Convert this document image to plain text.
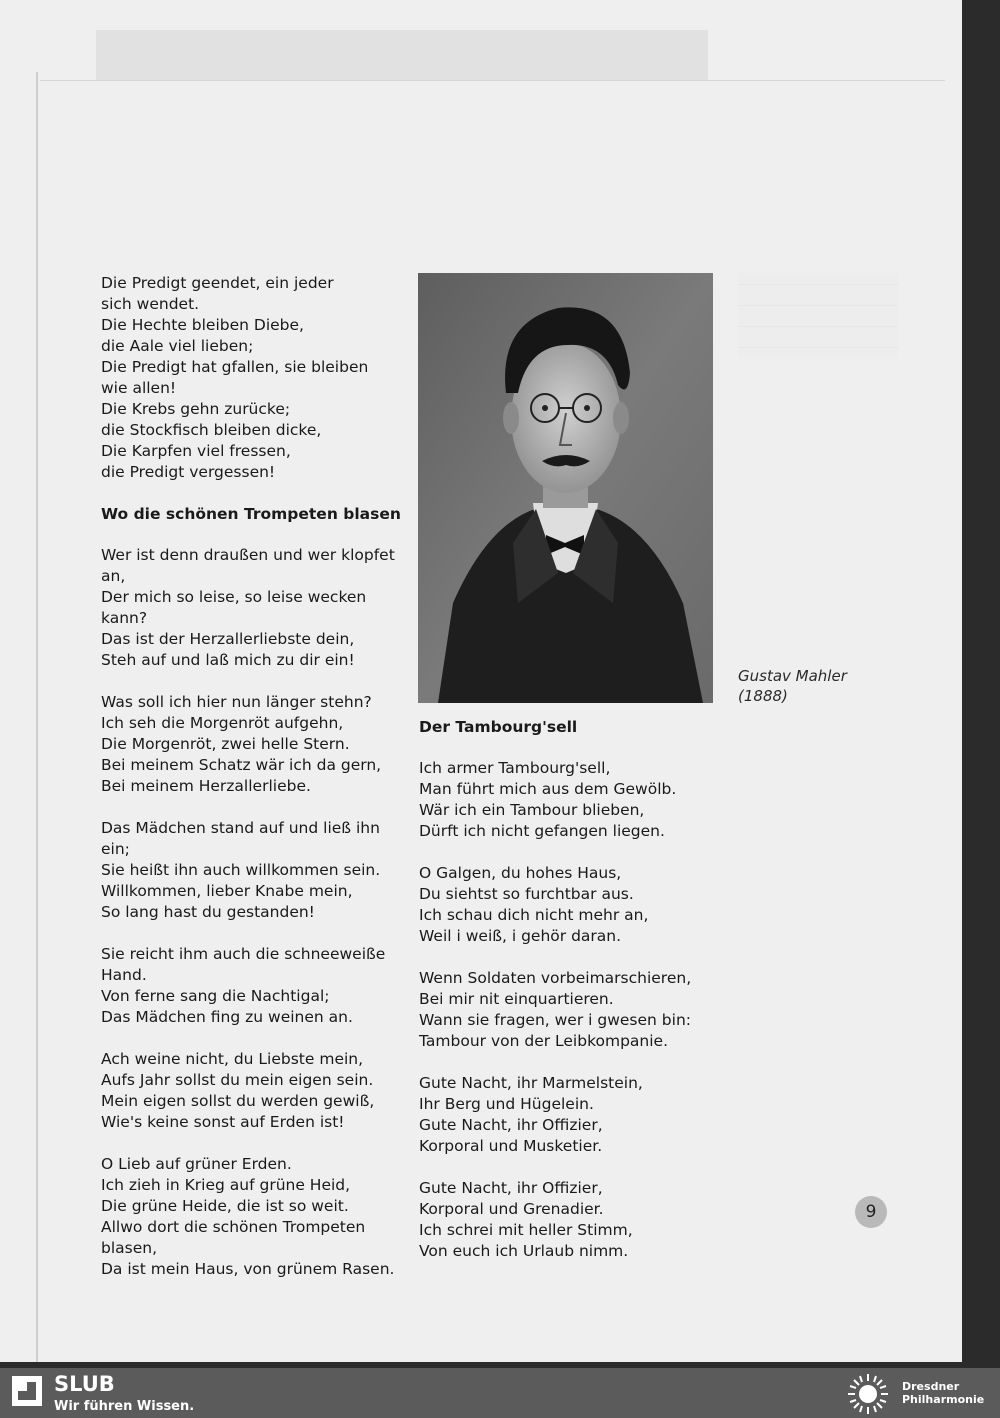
Die Predigt geendet, ein jeder
sich wendet.
Die Hechte bleiben Diebe,
die Aale viel lieben;
Die Predigt hat gfallen, sie bleiben
wie allen!
Die Krebs gehn zurücke;
die Stockfisch bleiben dicke,
Die Karpfen viel fressen,
die Predigt vergessen!

Wo die schönen Trompeten blasen

Wer ist denn draußen und wer klopfet an,
Der mich so leise, so leise wecken
kann?
Das ist der Herzallerliebste dein,
Steh auf und laß mich zu dir ein!

Was soll ich hier nun länger stehn?
Ich seh die Morgenröt aufgehn,
Die Morgenröt, zwei helle Stern.
Bei meinem Schatz wär ich da gern,
Bei meinem Herzallerliebe.

Das Mädchen stand auf und ließ ihn ein;
Sie heißt ihn auch willkommen sein.
Willkommen, lieber Knabe mein,
So lang hast du gestanden!

Sie reicht ihm auch die schneeweiße
Hand.
Von ferne sang die Nachtigal;
Das Mädchen fing zu weinen an.

Ach weine nicht, du Liebste mein,
Aufs Jahr sollst du mein eigen sein.
Mein eigen sollst du werden gewiß,
Wie's keine sonst auf Erden ist!

O Lieb auf grüner Erden.
Ich zieh in Krieg auf grüne Heid,
Die grüne Heide, die ist so weit.
Allwo dort die schönen Trompeten
blasen,
Da ist mein Haus, von grünem Rasen.

Gustav Mahler
(1888)
Der Tambourg'sell

Ich armer Tambourg'sell,
Man führt mich aus dem Gewölb.
Wär ich ein Tambour blieben,
Dürft ich nicht gefangen liegen.

O Galgen, du hohes Haus,
Du siehtst so furchtbar aus.
Ich schau dich nicht mehr an,
Weil i weiß, i gehör daran.

Wenn Soldaten vorbeimarschieren,
Bei mir nit einquartieren.
Wann sie fragen, wer i gwesen bin:
Tambour von der Leibkompanie.

Gute Nacht, ihr Marmelstein,
Ihr Berg und Hügelein.
Gute Nacht, ihr Offizier,
Korporal und Musketier.

Gute Nacht, ihr Offizier,
Korporal und Grenadier.
Ich schrei mit heller Stimm,
Von euch ich Urlaub nimm.

9
SLUB
Wir führen Wissen.
Dresdner
Philharmonie
